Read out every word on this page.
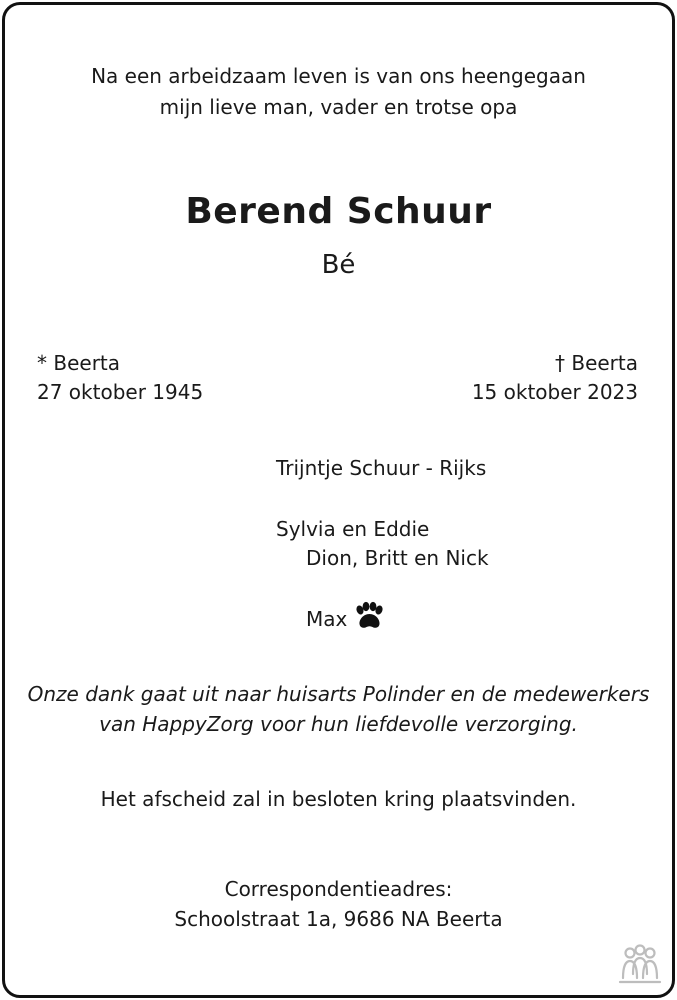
Na een arbeidzaam leven is van ons heengegaan
mijn lieve man, vader en trotse opa
Berend Schuur
Bé
* Beerta
27 oktober 1945
† Beerta
15 oktober 2023
Trijntje Schuur - Rijks
Sylvia en Eddie
Dion, Britt en Nick
Max
Onze dank gaat uit naar huisarts Polinder en de medewerkers
van HappyZorg voor hun liefdevolle verzorging.
Het afscheid zal in besloten kring plaatsvinden.
Correspondentieadres:
Schoolstraat 1a, 9686 NA Beerta
